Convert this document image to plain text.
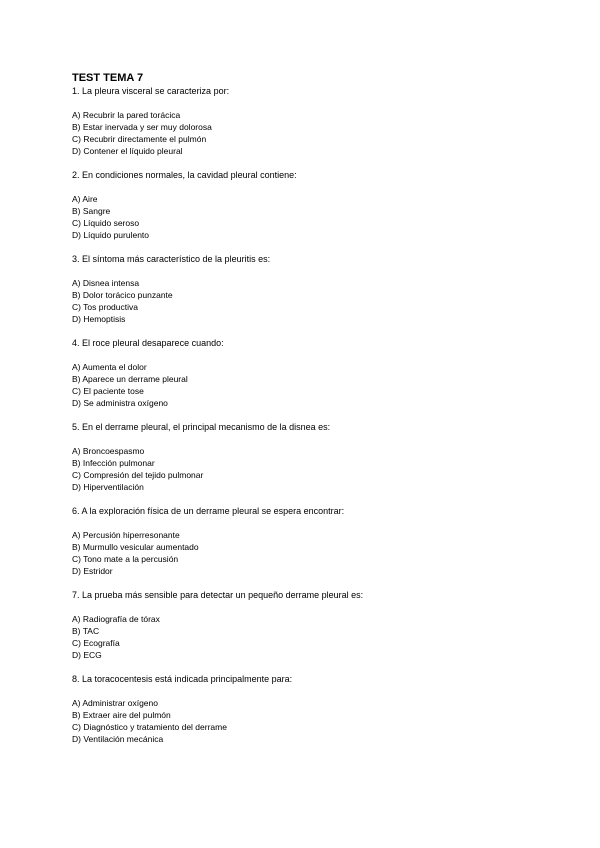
TEST TEMA 7

1. La pleura visceral se caracteriza por:

A) Recubrir la pared torácica
B) Estar inervada y ser muy dolorosa
C) Recubrir directamente el pulmón
D) Contener el líquido pleural

2. En condiciones normales, la cavidad pleural contiene:

A) Aire
B) Sangre
C) Líquido seroso
D) Líquido purulento

3. El síntoma más característico de la pleuritis es:

A) Disnea intensa
B) Dolor torácico punzante
C) Tos productiva
D) Hemoptisis

4. El roce pleural desaparece cuando:

A) Aumenta el dolor
B) Aparece un derrame pleural
C) El paciente tose
D) Se administra oxígeno

5. En el derrame pleural, el principal mecanismo de la disnea es:

A) Broncoespasmo
B) Infección pulmonar
C) Compresión del tejido pulmonar
D) Hiperventilación

6. A la exploración física de un derrame pleural se espera encontrar:

A) Percusión hiperresonante
B) Murmullo vesicular aumentado
C) Tono mate a la percusión
D) Estridor

7. La prueba más sensible para detectar un pequeño derrame pleural es:

A) Radiografía de tórax
B) TAC
C) Ecografía
D) ECG

8. La toracocentesis está indicada principalmente para:

A) Administrar oxígeno
B) Extraer aire del pulmón
C) Diagnóstico y tratamiento del derrame
D) Ventilación mecánica
